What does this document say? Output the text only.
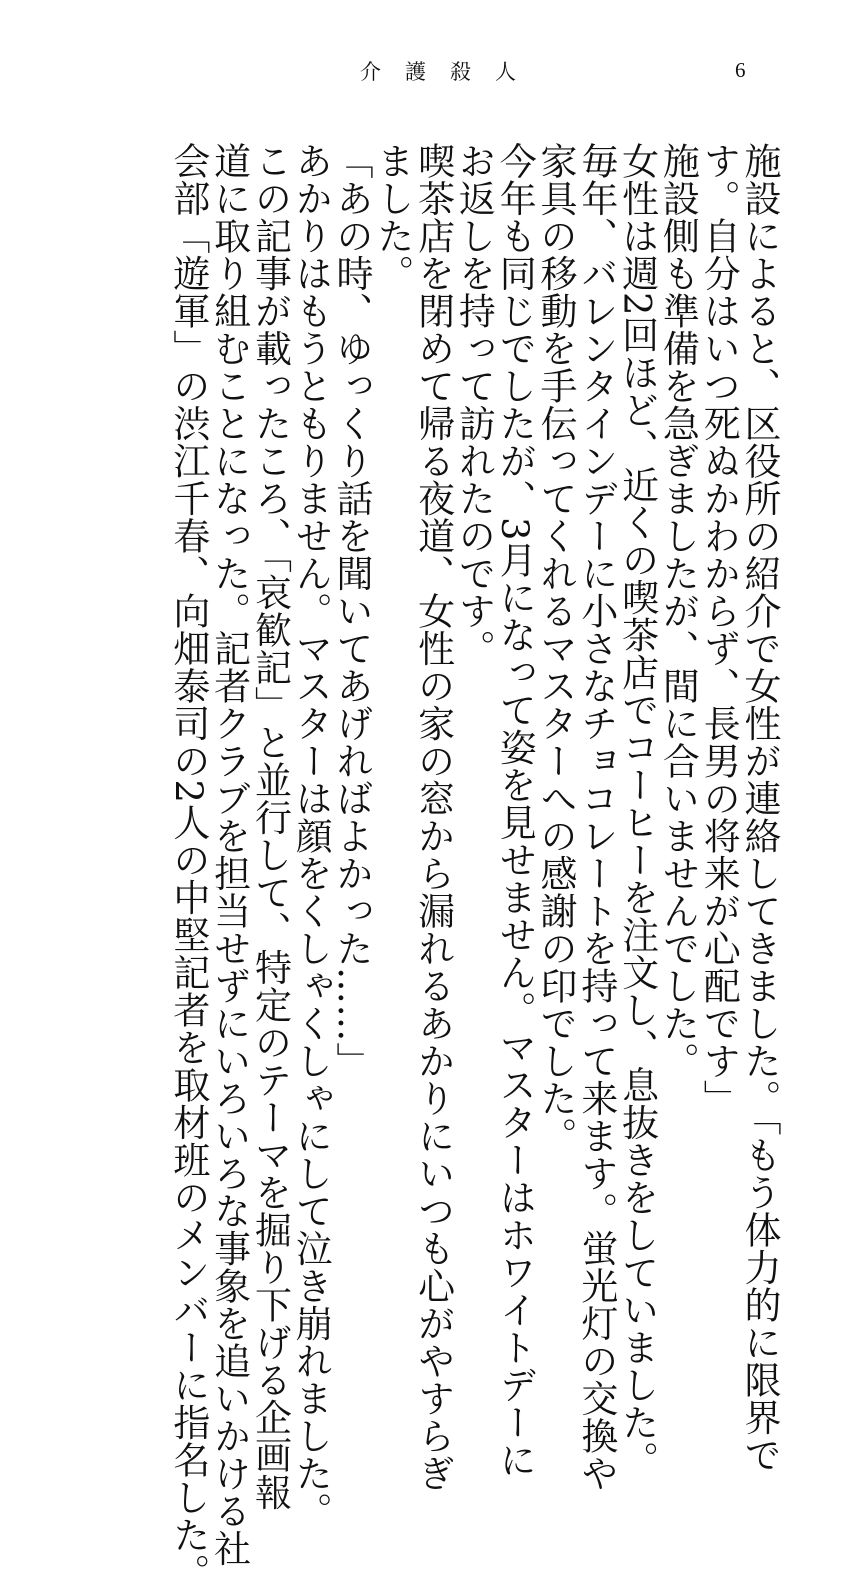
介護殺人	6
施設によると、区役所の紹介で女性が連絡してきました。「もう体力的に限界で
す。自分はいつ死ぬかわからず、長男の将来が心配です」
施設側も準備を急ぎましたが、間に合いませんでした。
女性は週2回ほど、近くの喫茶店でコーヒーを注文し、息抜きをしていました。
毎年、バレンタインデーに小さなチョコレートを持って来ます。蛍光灯の交換や
家具の移動を手伝ってくれるマスターへの感謝の印でした。
今年も同じでしたが、3月になって姿を見せません。マスターはホワイトデーに
お返しを持って訪れたのです。
喫茶店を閉めて帰る夜道、女性の家の窓から漏れるあかりにいつも心がやすらぎ
ました。
「あの時、ゆっくり話を聞いてあげればよかった……」
あかりはもうともりません。マスターは顔をくしゃくしゃにして泣き崩れました。
この記事が載ったころ、「哀歓記」と並行して、特定のテーマを掘り下げる企画報
道に取り組むことになった。記者クラブを担当せずにいろいろな事象を追いかける社
会部「遊軍」の渋江千春、向畑泰司の2人の中堅記者を取材班のメンバーに指名した。
